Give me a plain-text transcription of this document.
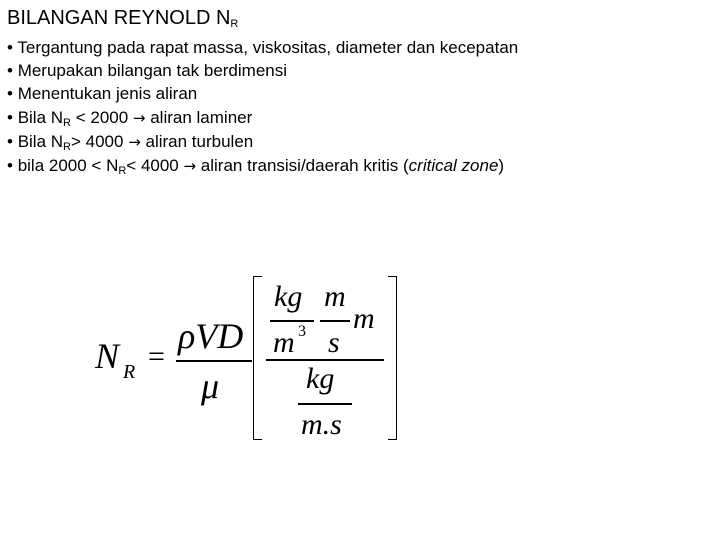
BILANGAN REYNOLD $N_R$
• Tergantung pada rapat massa, viskositas, diameter dan kecepatan
• Merupakan bilangan tak berdimensi
• Menentukan jenis aliran
• Bila $N_R < 2000$ → aliran laminer
• Bila $N_R> 4000$ → aliran turbulen
• bila $2000 < N_R< 4000$ → aliran transisi/daerah kritis (critical zone)
N R =
ρVD
μ
kg
m 3
m
s
m
kg
m.s
